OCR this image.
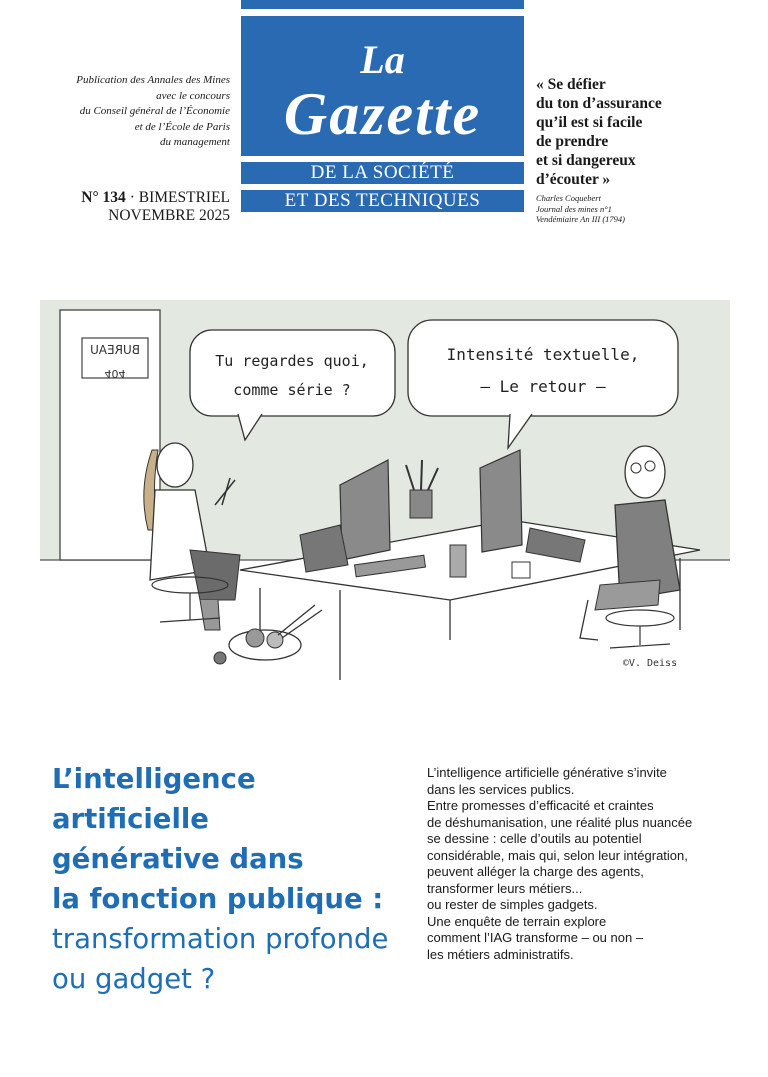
La
Gazette
DE LA SOCIÉTÉ
ET DES TECHNIQUES
Publication des Annales des Mines
avec le concours
du Conseil général de l’Économie
et de l’École de Paris
du management
N° 134 · BIMESTRIEL
NOVEMBRE 2025
« Se défier
du ton d’assurance
qu’il est si facile
de prendre
et si dangereux
d’écouter »
Charles Coquebert
Journal des mines n°1
Vendémiaire An III (1794)
BUREAU
404
Tu regardes quoi,
comme série ?
Intensité textuelle,
— Le retour —
©V. Deiss
L’intelligence artificielle
générative dans
la fonction publique :
transformation profonde
ou gadget ?
L’intelligence artificielle générative s’invite
dans les services publics.
Entre promesses d’efficacité et craintes
de déshumanisation, une réalité plus nuancée
se dessine : celle d’outils au potentiel
considérable, mais qui, selon leur intégration,
peuvent alléger la charge des agents,
transformer leurs métiers...
ou rester de simples gadgets.
Une enquête de terrain explore
comment l’IAG transforme – ou non –
les métiers administratifs.
